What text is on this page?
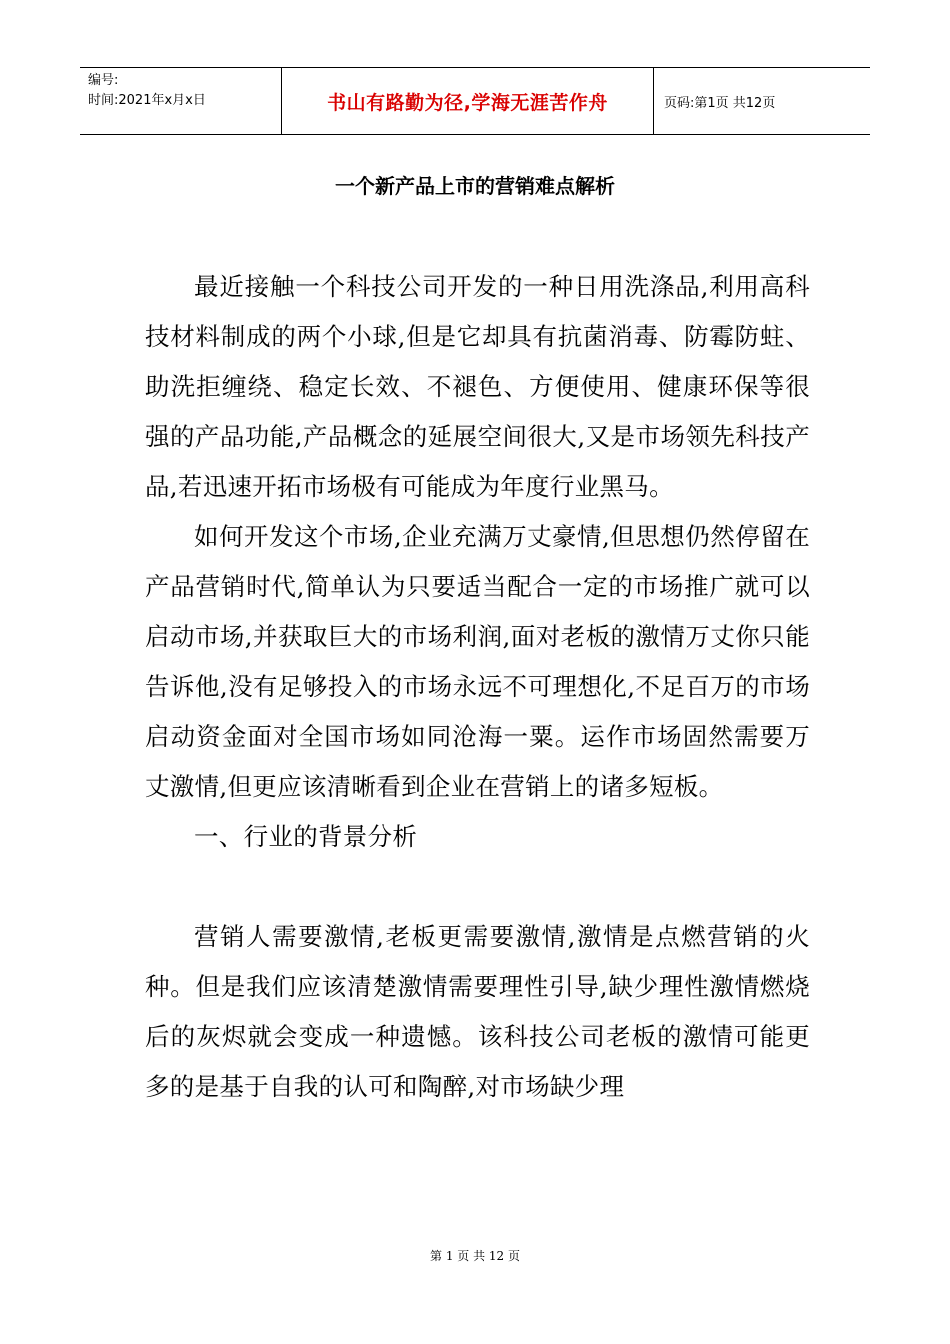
编号:
时间:2021年x月x日	书山有路勤为径,学海无涯苦作舟	页码:第1页 共12页
一个新产品上市的营销难点解析

最近接触一个科技公司开发的一种日用洗涤品,利用高科技材料制成的两个小球,但是它却具有抗菌消毒、防霉防蛀、助洗拒缠绕、稳定长效、不褪色、方便使用、健康环保等很强的产品功能,产品概念的延展空间很大,又是市场领先科技产品,若迅速开拓市场极有可能成为年度行业黑马。

如何开发这个市场,企业充满万丈豪情,但思想仍然停留在产品营销时代,简单认为只要适当配合一定的市场推广就可以启动市场,并获取巨大的市场利润,面对老板的激情万丈你只能告诉他,没有足够投入的市场永远不可理想化,不足百万的市场启动资金面对全国市场如同沧海一粟。运作市场固然需要万丈激情,但更应该清晰看到企业在营销上的诸多短板。

一、行业的背景分析

营销人需要激情,老板更需要激情,激情是点燃营销的火种。但是我们应该清楚激情需要理性引导,缺少理性激情燃烧后的灰烬就会变成一种遗憾。该科技公司老板的激情可能更多的是基于自我的认可和陶醉,对市场缺少理

第 1 页 共 12 页
